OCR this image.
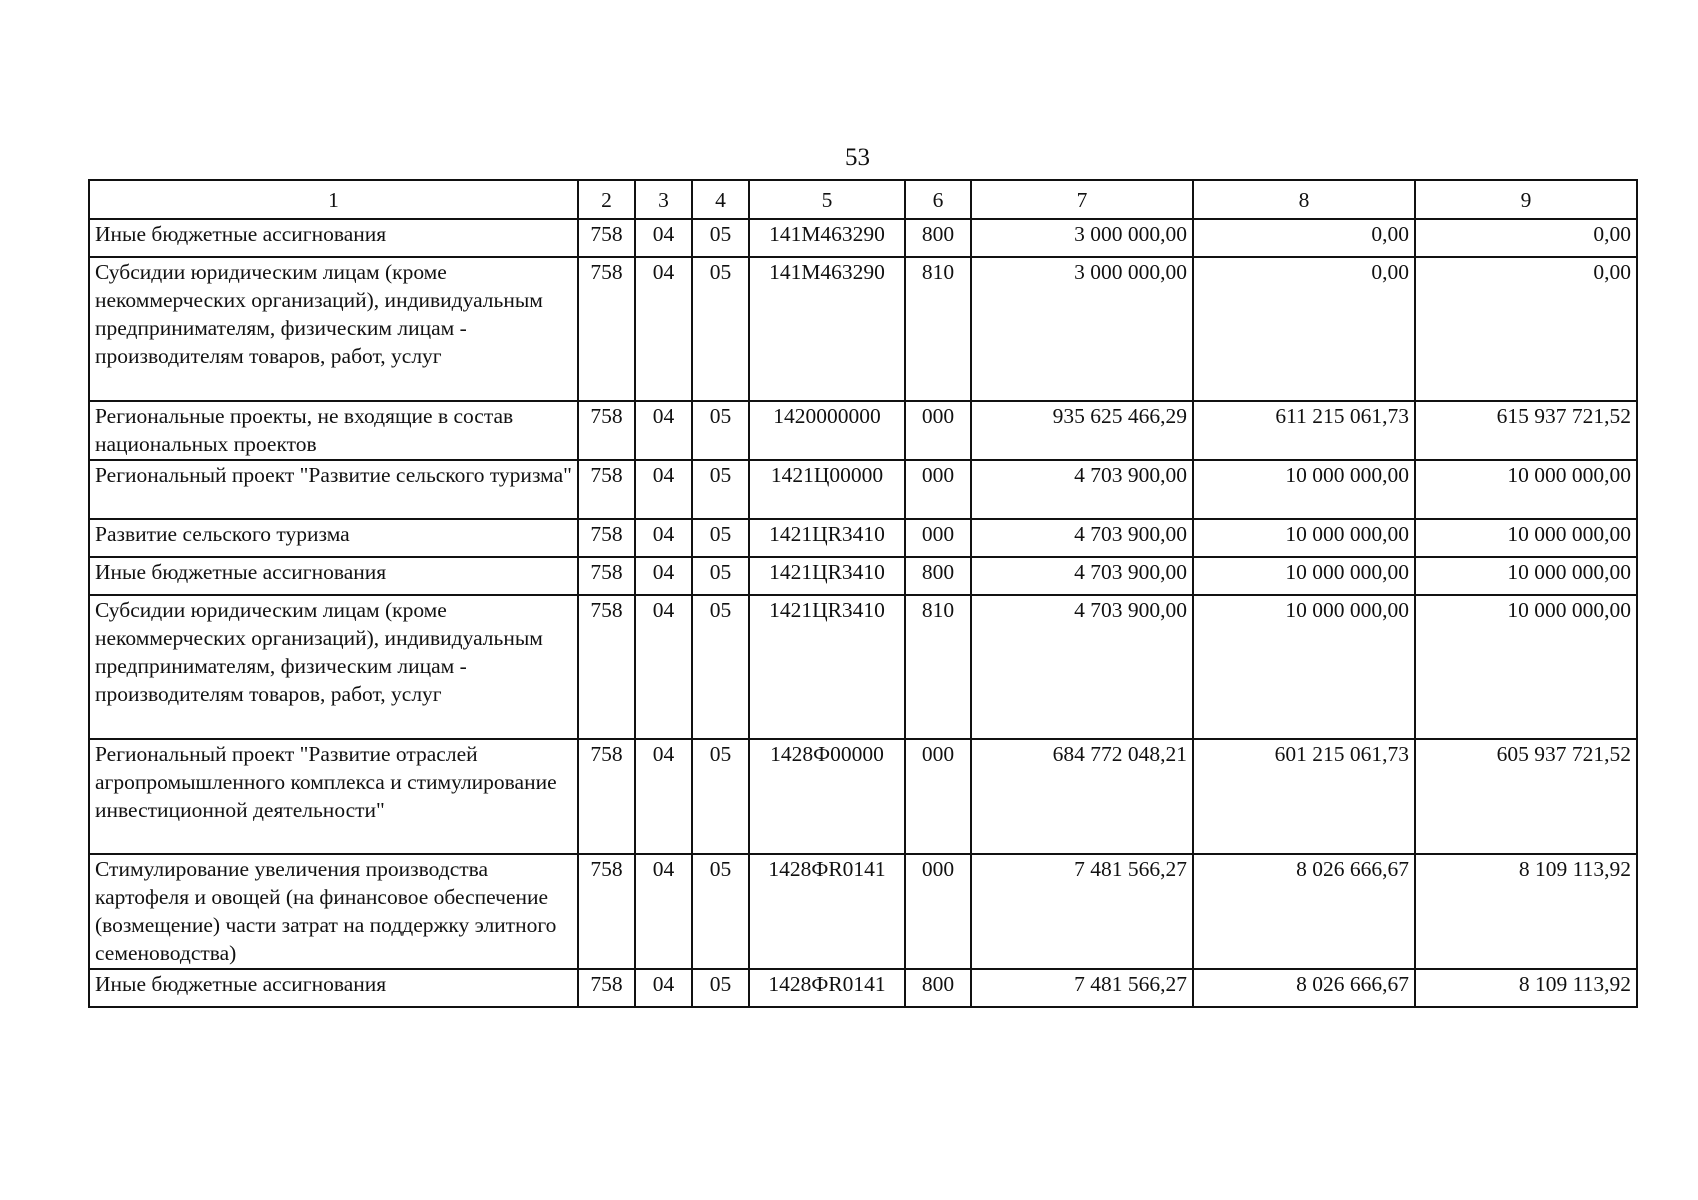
53
1	2	3	4	5	6	7	8	9
Иные бюджетные ассигнования	758	04	05	141М463290	800	3 000 000,00	0,00	0,00
Субсидии юридическим лицам (кроме некоммерческих организаций), индивидуальным предпринимателям, физическим лицам - производителям товаров, работ, услуг	758	04	05	141М463290	810	3 000 000,00	0,00	0,00
Региональные проекты, не входящие в состав национальных проектов	758	04	05	1420000000	000	935 625 466,29	611 215 061,73	615 937 721,52
Региональный проект "Развитие сельского туризма"	758	04	05	1421Ц00000	000	4 703 900,00	10 000 000,00	10 000 000,00
Развитие сельского туризма	758	04	05	1421ЦR3410	000	4 703 900,00	10 000 000,00	10 000 000,00
Иные бюджетные ассигнования	758	04	05	1421ЦR3410	800	4 703 900,00	10 000 000,00	10 000 000,00
Субсидии юридическим лицам (кроме некоммерческих организаций), индивидуальным предпринимателям, физическим лицам - производителям товаров, работ, услуг	758	04	05	1421ЦR3410	810	4 703 900,00	10 000 000,00	10 000 000,00
Региональный проект "Развитие отраслей агропромышленного комплекса и стимулирование инвестиционной деятельности"	758	04	05	1428Ф00000	000	684 772 048,21	601 215 061,73	605 937 721,52
Стимулирование увеличения производства картофеля и овощей (на финансовое обеспечение (возмещение) части затрат на поддержку элитного семеноводства)	758	04	05	1428ФR0141	000	7 481 566,27	8 026 666,67	8 109 113,92
Иные бюджетные ассигнования	758	04	05	1428ФR0141	800	7 481 566,27	8 026 666,67	8 109 113,92
